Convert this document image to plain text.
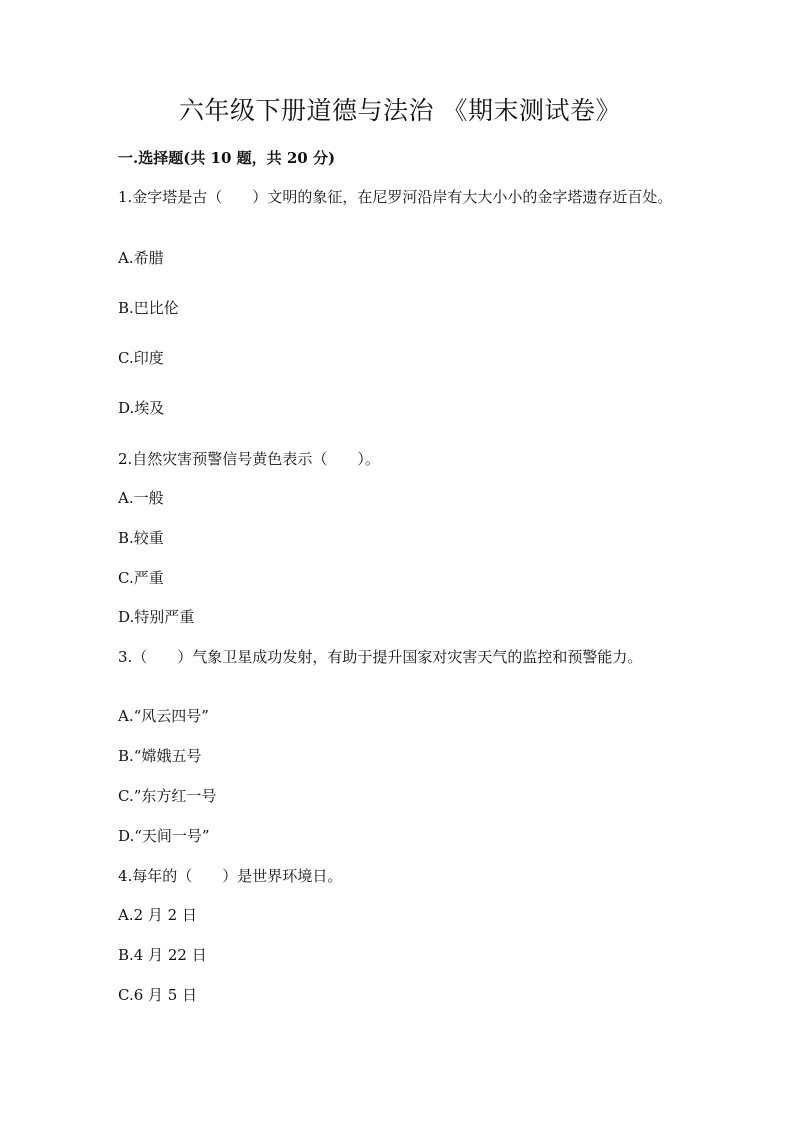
六年级下册道德与法治 《期末测试卷》
一.选择题(共 10 题，共 20 分)
1.金字塔是古（　　）文明的象征，在尼罗河沿岸有大大小小的金字塔遗存近百处。
A.希腊
B.巴比伦
C.印度
D.埃及
2.自然灾害预警信号黄色表示（　　）。
A.一般
B.较重
C.严重
D.特别严重
3.（　　）气象卫星成功发射，有助于提升国家对灾害天气的监控和预警能力。
A.“风云四号”
B.“嫦娥五号
C.”东方红一号
D.“天间一号”
4.每年的（　　）是世界环境日。
A.2 月 2 日
B.4 月 22 日
C.6 月 5 日
